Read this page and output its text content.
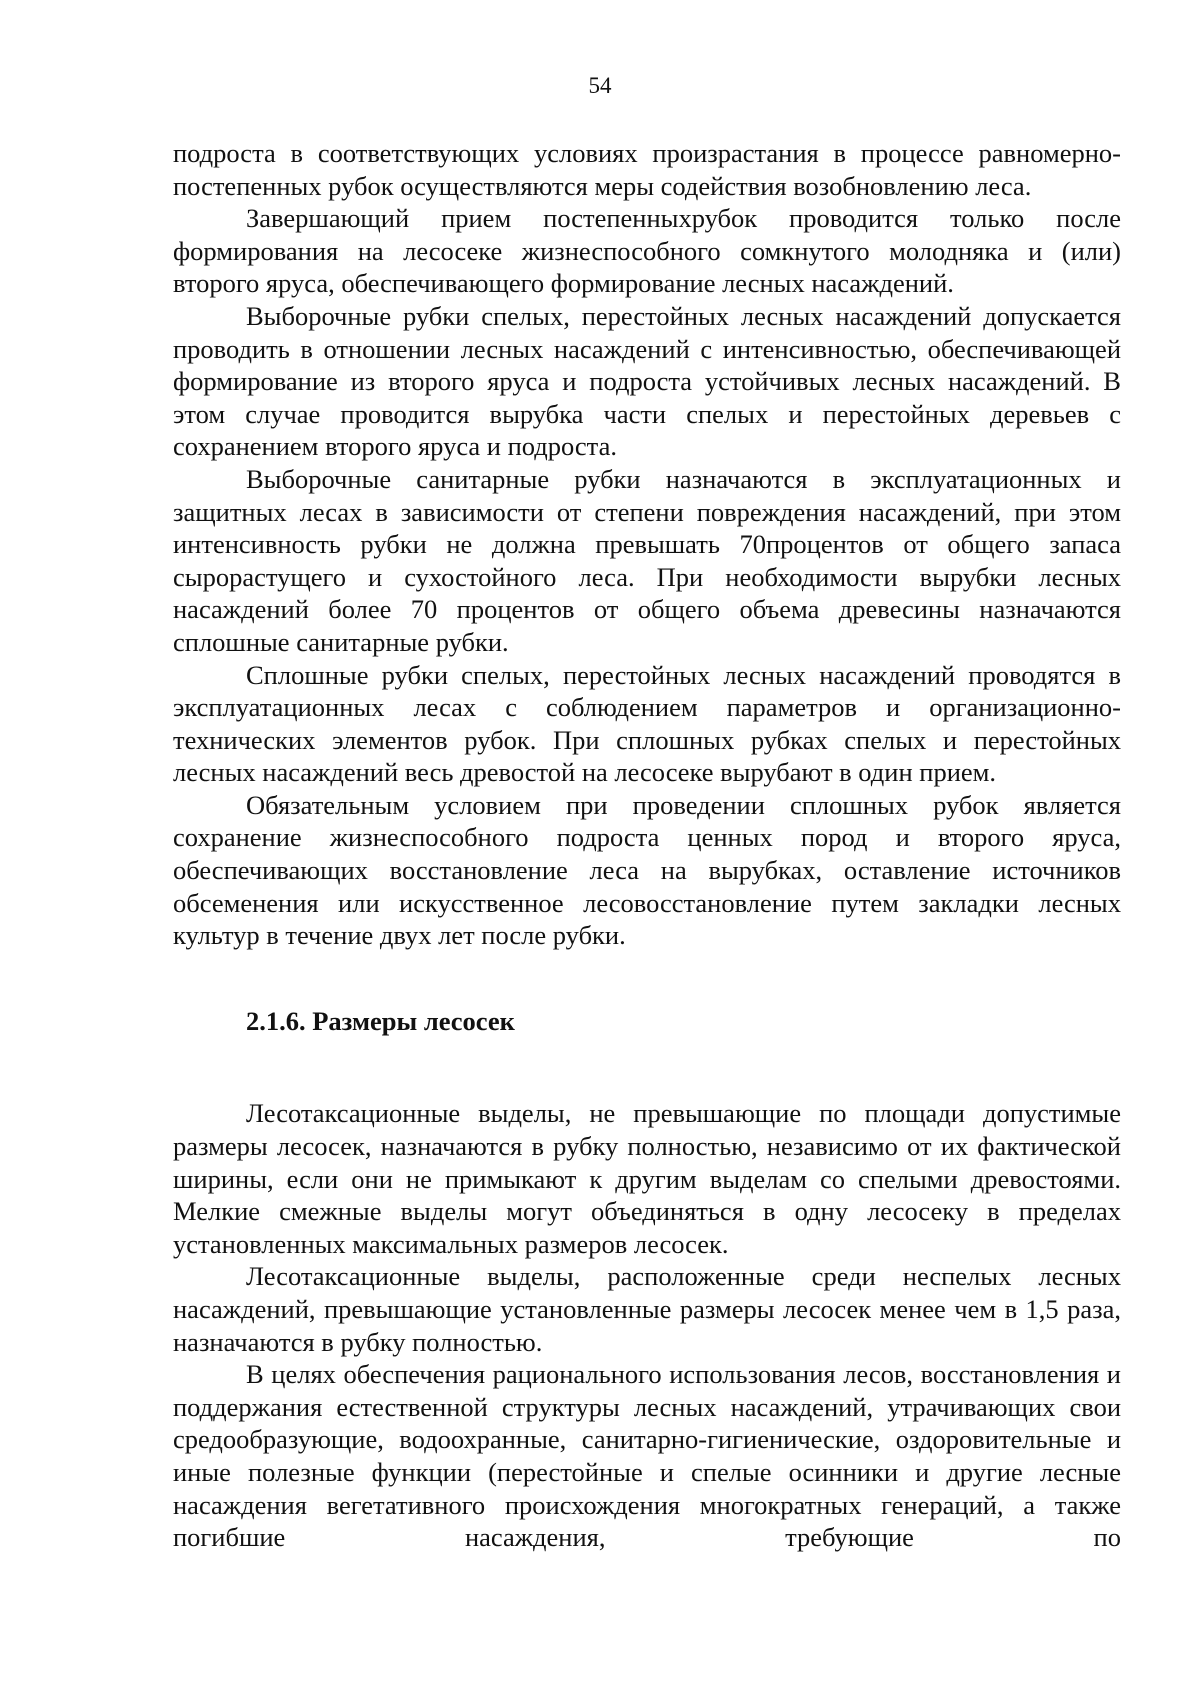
54

подроста в соответствующих условиях произрастания в процессе равномерно-постепенных рубок осуществляются меры содействия возобновлению леса.

Завершающий прием постепенныхрубок проводится только после формирования на лесосеке жизнеспособного сомкнутого молодняка и (или) второго яруса, обеспечивающего формирование лесных насаждений.

Выборочные рубки спелых, перестойных лесных насаждений допускается проводить в отношении лесных насаждений с интенсивностью, обеспечивающей формирование из второго яруса и подроста устойчивых лесных насаждений. В этом случае проводится вырубка части спелых и перестойных деревьев с сохранением второго яруса и подроста.

Выборочные санитарные рубки назначаются в эксплуатационных и защитных лесах в зависимости от степени повреждения насаждений, при этом интенсивность рубки не должна превышать 70процентов от общего запаса сырорастущего и сухостойного леса. При необходимости вырубки лесных насаждений более 70 процентов от общего объема древесины назначаются сплошные санитарные рубки.

Сплошные рубки спелых, перестойных лесных насаждений проводятся в эксплуатационных лесах с соблюдением параметров и организационно-технических элементов рубок. При сплошных рубках спелых и перестойных лесных насаждений весь древостой на лесосеке вырубают в один прием.

Обязательным условием при проведении сплошных рубок является сохранение жизнеспособного подроста ценных пород и второго яруса, обеспечивающих восстановление леса на вырубках, оставление источников обсеменения или искусственное лесовосстановление путем закладки лесных культур в течение двух лет после рубки.

2.1.6. Размеры лесосек

Лесотаксационные выделы, не превышающие по площади допустимые размеры лесосек, назначаются в рубку полностью, независимо от их фактической ширины, если они не примыкают к другим выделам со спелыми древостоями. Мелкие смежные выделы могут объединяться в одну лесосеку в пределах установленных максимальных размеров лесосек.

Лесотаксационные выделы, расположенные среди неспелых лесных насаждений, превышающие установленные размеры лесосек менее чем в 1,5 раза, назначаются в рубку полностью.

В целях обеспечения рационального использования лесов, восстановления и поддержания естественной структуры лесных насаждений, утрачивающих свои средообразующие, водоохранные, санитарно-гигиенические, оздоровительные и иные полезные функции (перестойные и спелые осинники и другие лесные насаждения вегетативного происхождения многократных генераций, а также погибшие насаждения, требующие по
